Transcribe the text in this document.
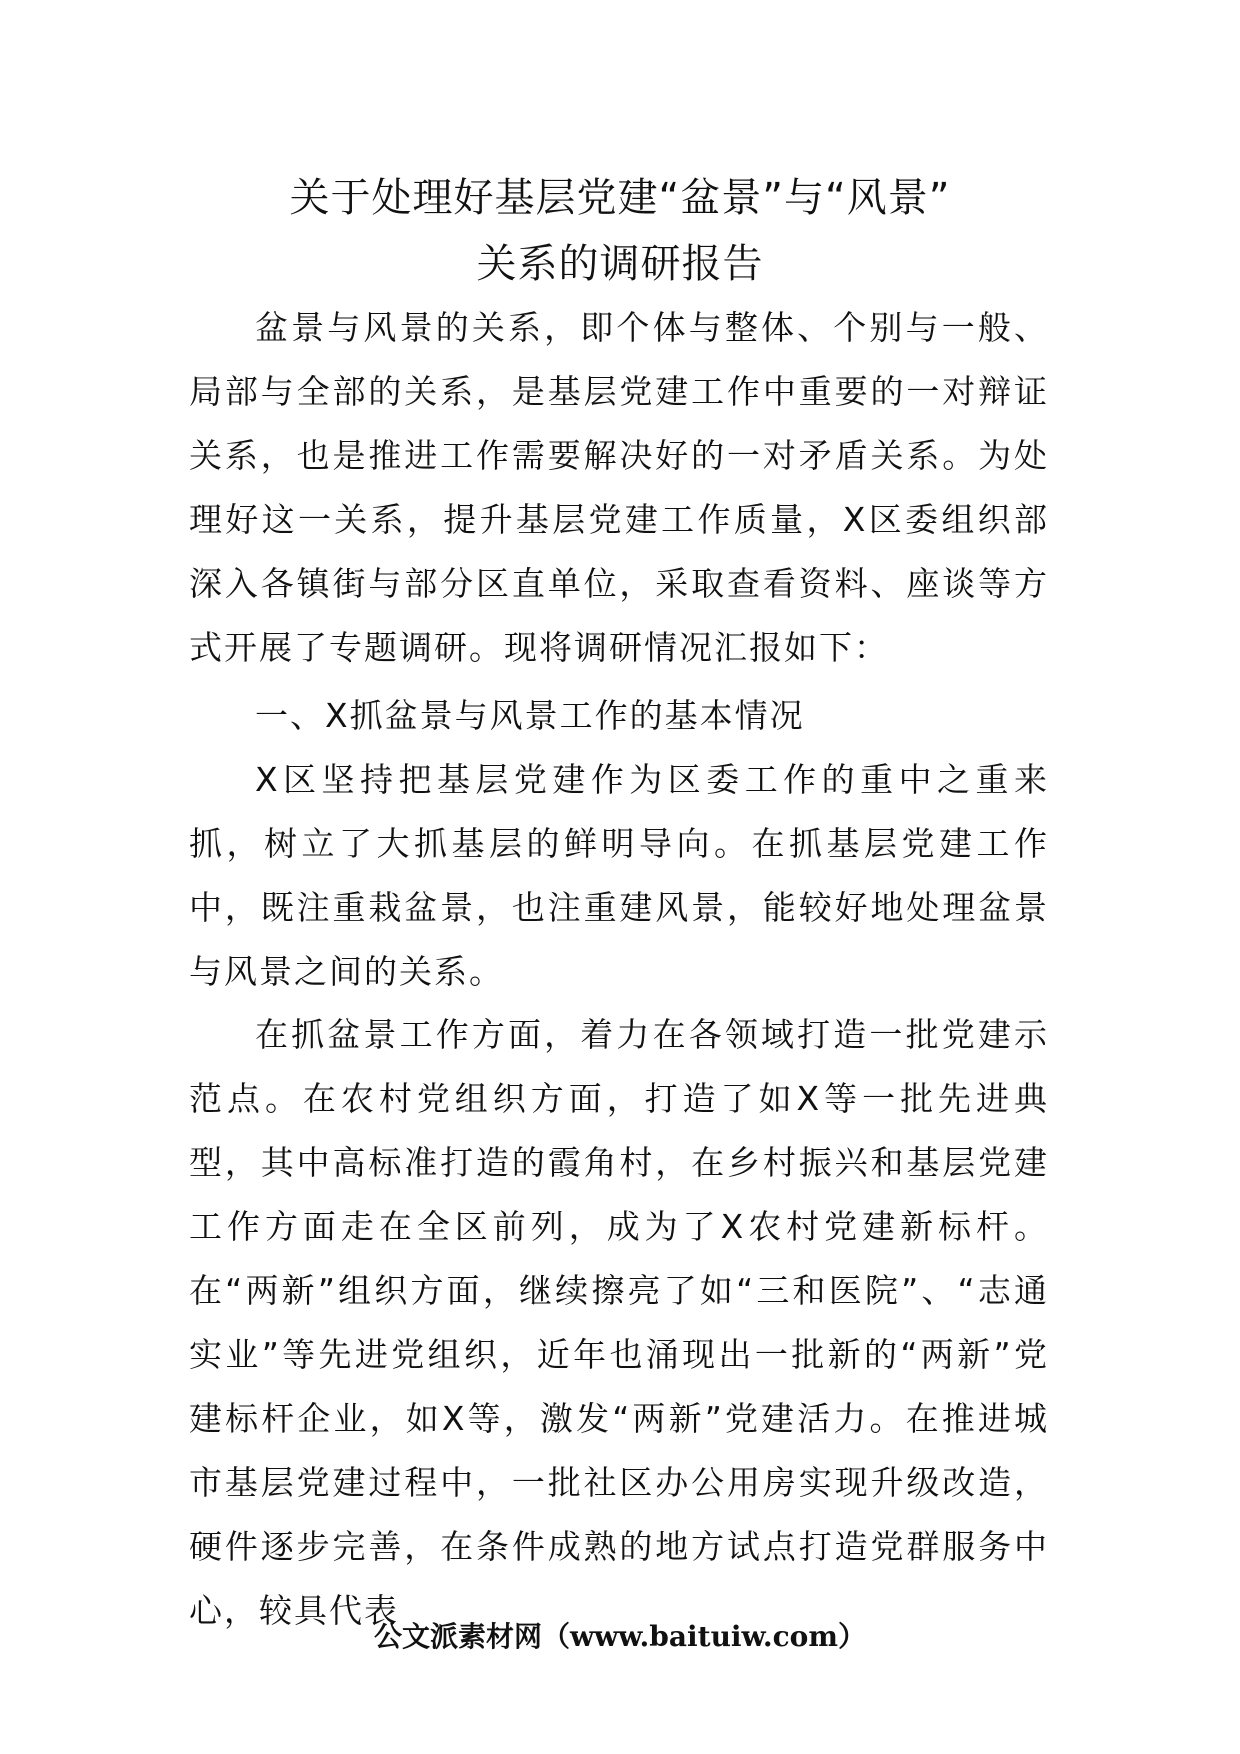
关于处理好基层党建“盆景”与“风景”
关系的调研报告

盆景与风景的关系，即个体与整体、个别与一般、局部与全部的关系，是基层党建工作中重要的一对辩证关系，也是推进工作需要解决好的一对矛盾关系。为处理好这一关系，提升基层党建工作质量，X区委组织部深入各镇街与部分区直单位，采取查看资料、座谈等方式开展了专题调研。现将调研情况汇报如下：

一、X抓盆景与风景工作的基本情况

X区坚持把基层党建作为区委工作的重中之重来抓，树立了大抓基层的鲜明导向。在抓基层党建工作中，既注重栽盆景，也注重建风景，能较好地处理盆景与风景之间的关系。

在抓盆景工作方面，着力在各领域打造一批党建示范点。在农村党组织方面，打造了如X等一批先进典型，其中高标准打造的霞角村，在乡村振兴和基层党建工作方面走在全区前列，成为了X农村党建新标杆。在“两新”组织方面，继续擦亮了如“三和医院”、“志通实业”等先进党组织，近年也涌现出一批新的“两新”党建标杆企业，如X等，激发“两新”党建活力。在推进城市基层党建过程中，一批社区办公用房实现升级改造，硬件逐步完善，在条件成熟的地方试点打造党群服务中心，较具代表

公文派素材网（www.baituiw.com）
